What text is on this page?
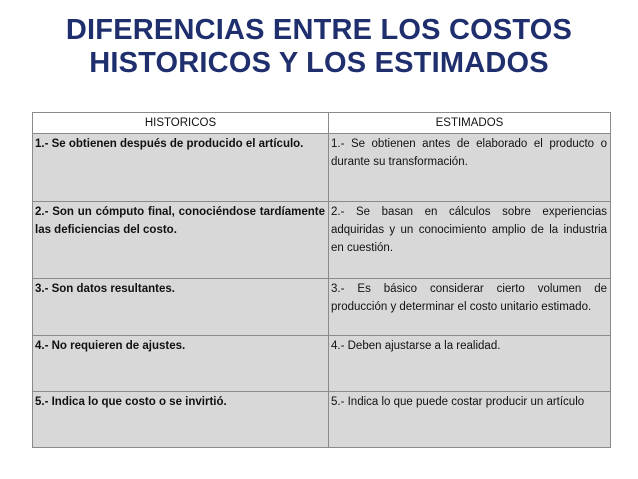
DIFERENCIAS ENTRE LOS COSTOS
HISTORICOS Y LOS ESTIMADOS
HISTORICOS	ESTIMADOS
1.- Se obtienen después de producido el artículo.	1.- Se obtienen antes de elaborado el producto o durante su transformación.
2.- Son un cómputo final, conociéndose tardíamente las deficiencias del costo.	2.- Se basan en cálculos sobre experiencias adquiridas y un conocimiento amplio de la industria en cuestión.
3.- Son datos resultantes.	3.- Es básico considerar cierto volumen de producción y determinar el costo unitario estimado.
4.- No requieren de ajustes.	4.- Deben ajustarse a la realidad.
5.- Indica lo que costo o se invirtió.	5.- Indica lo que puede costar producir un artículo
